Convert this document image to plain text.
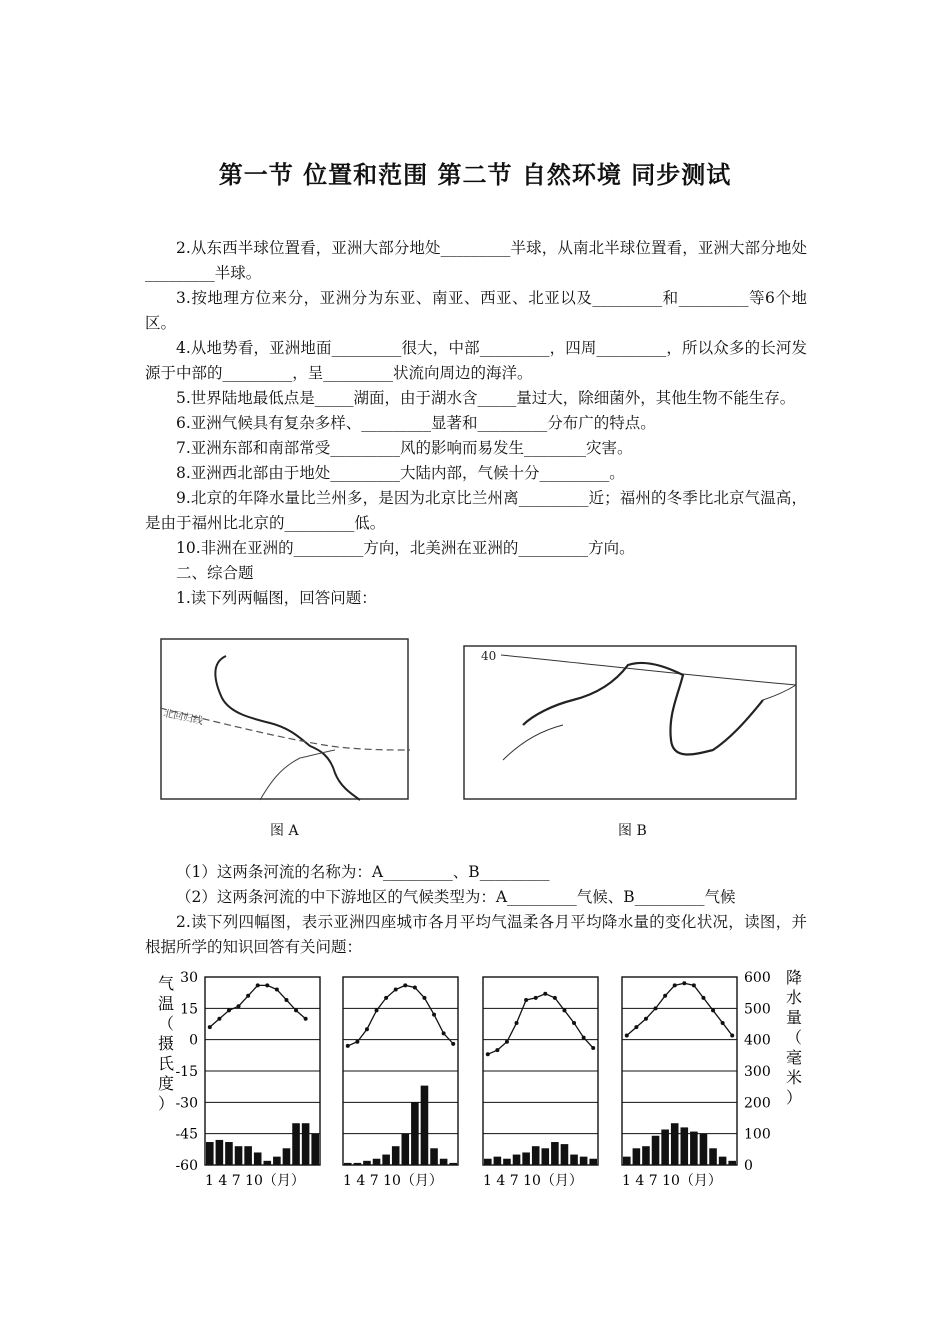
第一节 位置和范围 第二节 自然环境 同步测试

2.从东西半球位置看，亚洲大部分地处_________半球，从南北半球位置看，亚洲大部分地处_________半球。

3.按地理方位来分，亚洲分为东亚、南亚、西亚、北亚以及_________和_________等6个地区。

4.从地势看，亚洲地面_________很大，中部_________，四周_________，所以众多的长河发源于中部的_________，呈_________状流向周边的海洋。

5.世界陆地最低点是_____湖面，由于湖水含_____量过大，除细菌外，其他生物不能生存。

6.亚洲气候具有复杂多样、_________显著和_________分布广的特点。

7.亚洲东部和南部常受_________风的影响而易发生________灾害。

8.亚洲西北部由于地处_________大陆内部，气候十分_________。

9.北京的年降水量比兰州多，是因为北京比兰州离_________近；福州的冬季比北京气温高，是由于福州比北京的_________低。

10.非洲在亚洲的_________方向，北美洲在亚洲的_________方向。

二、综合题

1.读下列两幅图，回答问题：

北回归线
图 A
40
图 B

（1）这两条河流的名称为：A_________、B_________

（2）这两条河流的中下游地区的气候类型为：A_________气候、B_________气候

2.读下列四幅图，表示亚洲四座城市各月平均气温柔各月平均降水量的变化状况，读图，并根据所学的知识回答有关问题：

30
15
0
-15
-30
-45
-60
600
500
400
300
200
100
0
1 4 7 10（月）	1 4 7 10（月）	1 4 7 10（月）	1 4 7 10（月）
气 温 （ 摄 氏 度 ）
降 水 量 （ 毫 米 ）
